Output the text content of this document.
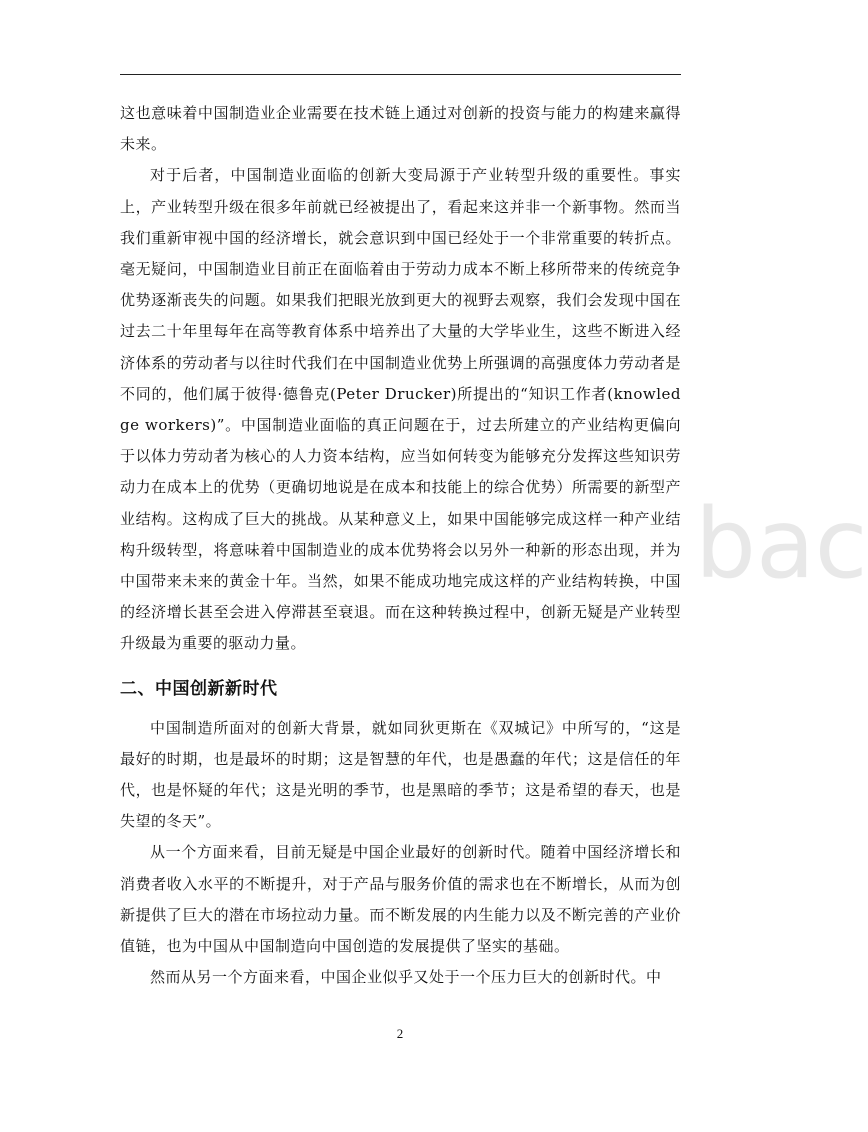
这也意味着中国制造业企业需要在技术链上通过对创新的投资与能力的构建来赢得未来。

对于后者，中国制造业面临的创新大变局源于产业转型升级的重要性。事实上，产业转型升级在很多年前就已经被提出了，看起来这并非一个新事物。然而当我们重新审视中国的经济增长，就会意识到中国已经处于一个非常重要的转折点。毫无疑问，中国制造业目前正在面临着由于劳动力成本不断上移所带来的传统竞争优势逐渐丧失的问题。如果我们把眼光放到更大的视野去观察，我们会发现中国在过去二十年里每年在高等教育体系中培养出了大量的大学毕业生，这些不断进入经济体系的劳动者与以往时代我们在中国制造业优势上所强调的高强度体力劳动者是不同的，他们属于彼得·德鲁克(Peter Drucker)所提出的“知识工作者(knowledge workers)”。中国制造业面临的真正问题在于，过去所建立的产业结构更偏向于以体力劳动者为核心的人力资本结构，应当如何转变为能够充分发挥这些知识劳动力在成本上的优势（更确切地说是在成本和技能上的综合优势）所需要的新型产业结构。这构成了巨大的挑战。从某种意义上，如果中国能够完成这样一种产业结构升级转型，将意味着中国制造业的成本优势将会以另外一种新的形态出现，并为中国带来未来的黄金十年。当然，如果不能成功地完成这样的产业结构转换，中国的经济增长甚至会进入停滞甚至衰退。而在这种转换过程中，创新无疑是产业转型升级最为重要的驱动力量。

二、中国创新新时代

中国制造所面对的创新大背景，就如同狄更斯在《双城记》中所写的，“这是最好的时期，也是最坏的时期；这是智慧的年代，也是愚蠢的年代；这是信任的年代，也是怀疑的年代；这是光明的季节，也是黑暗的季节；这是希望的春天，也是失望的冬天”。

从一个方面来看，目前无疑是中国企业最好的创新时代。随着中国经济增长和消费者收入水平的不断提升，对于产品与服务价值的需求也在不断增长，从而为创新提供了巨大的潜在市场拉动力量。而不断发展的内生能力以及不断完善的产业价值链，也为中国从中国制造向中国创造的发展提供了坚实的基础。

然而从另一个方面来看，中国企业似乎又处于一个压力巨大的创新时代。中

bac
2
